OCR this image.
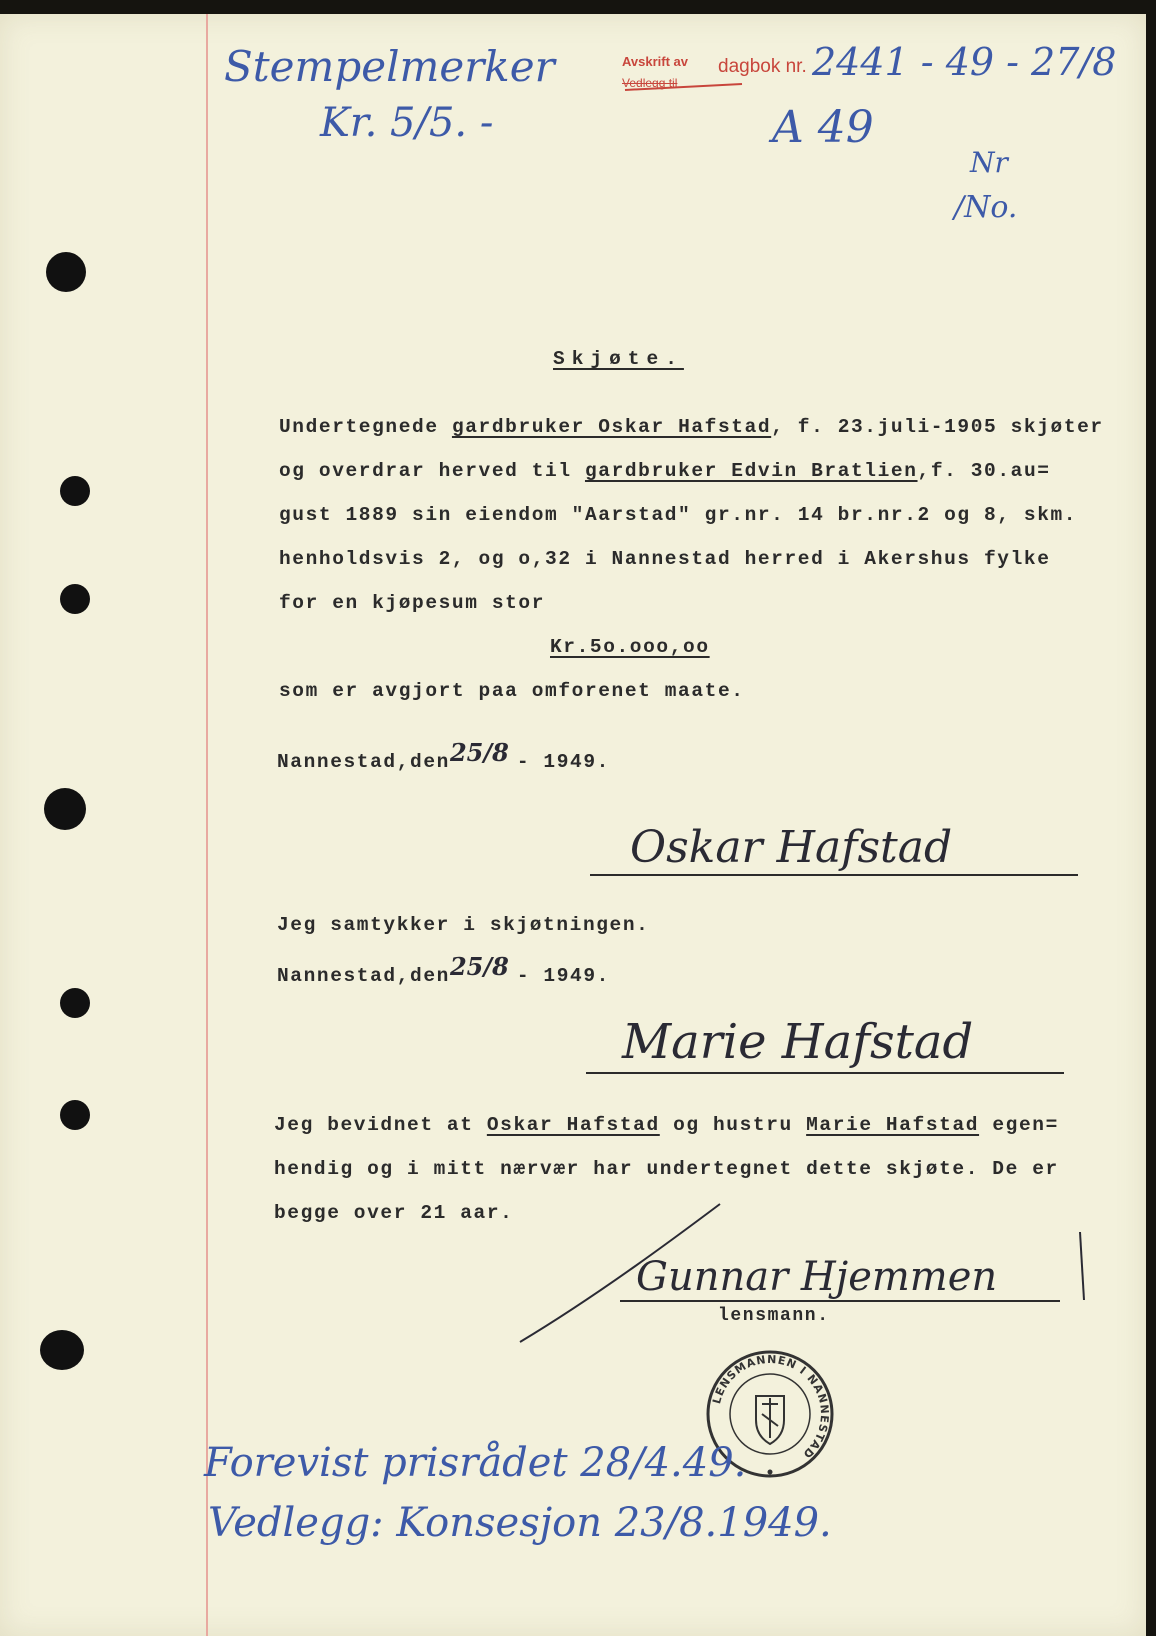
Stempelmerker
Kr. 5/5. -
Avskrift av
Vedlegg til
dagbok nr. 2441 - 49 - 27/8
A 49
Nr
/No.
Skjøte.
Undertegnede gardbruker Oskar Hafstad, f. 23.juli-1905 skjøter
og overdrar herved til gardbruker Edvin Bratlien,f. 30.au=
gust 1889 sin eiendom "Aarstad" gr.nr. 14 br.nr.2 og 8, skm.
henholdsvis 2, og o,32 i Nannestad herred i Akershus fylke
for en kjøpesum stor
Kr.5o.ooo,oo
som er avgjort paa omforenet maate.
Nannestad,den25/8 - 1949.
Oskar Hafstad
Jeg samtykker i skjøtningen.
Nannestad,den25/8 - 1949.
Marie Hafstad
Jeg bevidnet at Oskar Hafstad og hustru Marie Hafstad egen=
hendig og i mitt nærvær har undertegnet dette skjøte. De er
begge over 21 aar.
Gunnar Hjemmen
lensmann.
LENSMANNEN I NANNESTAD
Forevist prisrådet 28/4.49.
Vedlegg: Konsesjon 23/8.1949.
